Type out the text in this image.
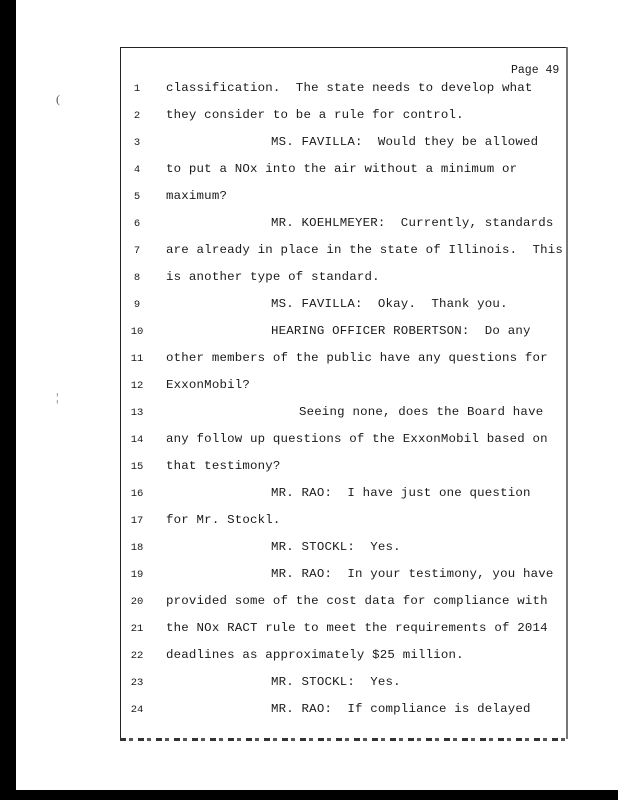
(
¦
Page 49
1	classification.  The state needs to develop what
2	they consider to be a rule for control.
3	MS. FAVILLA:  Would they be allowed
4	to put a NOx into the air without a minimum or
5	maximum?
6	MR. KOEHLMEYER:  Currently, standards
7	are already in place in the state of Illinois.  This
8	is another type of standard.
9	MS. FAVILLA:  Okay.  Thank you.
10	HEARING OFFICER ROBERTSON:  Do any
11	other members of the public have any questions for
12	ExxonMobil?
13	Seeing none, does the Board have
14	any follow up questions of the ExxonMobil based on
15	that testimony?
16	MR. RAO:  I have just one question
17	for Mr. Stockl.
18	MR. STOCKL:  Yes.
19	MR. RAO:  In your testimony, you have
20	provided some of the cost data for compliance with
21	the NOx RACT rule to meet the requirements of 2014
22	deadlines as approximately $25 million.
23	MR. STOCKL:  Yes.
24	MR. RAO:  If compliance is delayed
